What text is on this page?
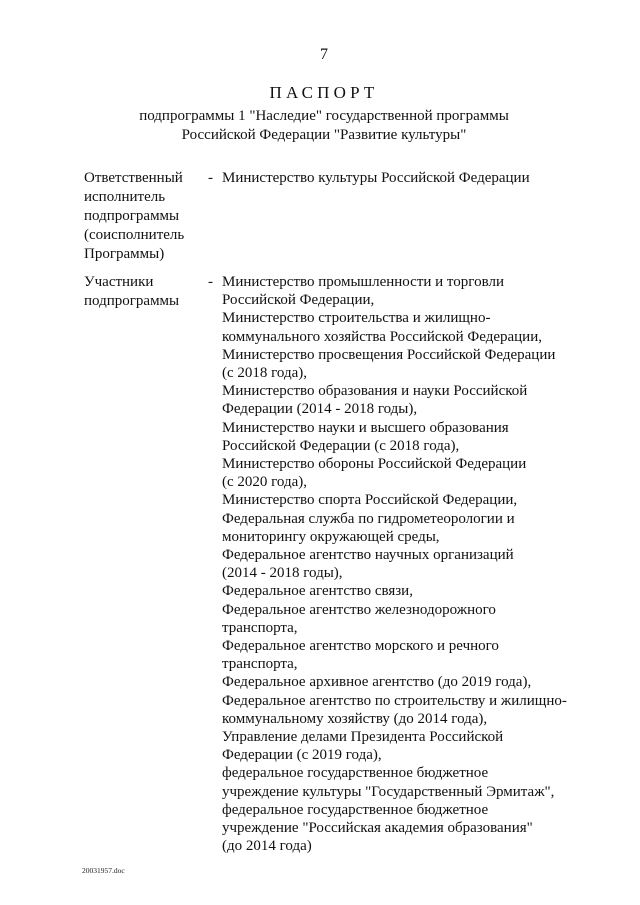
7
ПАСПОРТ
подпрограммы 1 "Наследие" государственной программы
Российской Федерации "Развитие культуры"
Ответственный
исполнитель
подпрограммы
(соисполнитель
Программы)
- Министерство культуры Российской Федерации
Участники
подпрограммы
- Министерство промышленности и торговли
Российской Федерации,
Министерство строительства и жилищно-
коммунального хозяйства Российской Федерации,
Министерство просвещения Российской Федерации
(с 2018 года),
Министерство образования и науки Российской
Федерации (2014 - 2018 годы),
Министерство науки и высшего образования
Российской Федерации (с 2018 года),
Министерство обороны Российской Федерации
(с 2020 года),
Министерство спорта Российской Федерации,
Федеральная служба по гидрометеорологии и
мониторингу окружающей среды,
Федеральное агентство научных организаций
(2014 - 2018 годы),
Федеральное агентство связи,
Федеральное агентство железнодорожного
транспорта,
Федеральное агентство морского и речного
транспорта,
Федеральное архивное агентство (до 2019 года),
Федеральное агентство по строительству и жилищно-
коммунальному хозяйству (до 2014 года),
Управление делами Президента Российской
Федерации (с 2019 года),
федеральное государственное бюджетное
учреждение культуры "Государственный Эрмитаж",
федеральное государственное бюджетное
учреждение "Российская академия образования"
(до 2014 года)
20031957.doc
